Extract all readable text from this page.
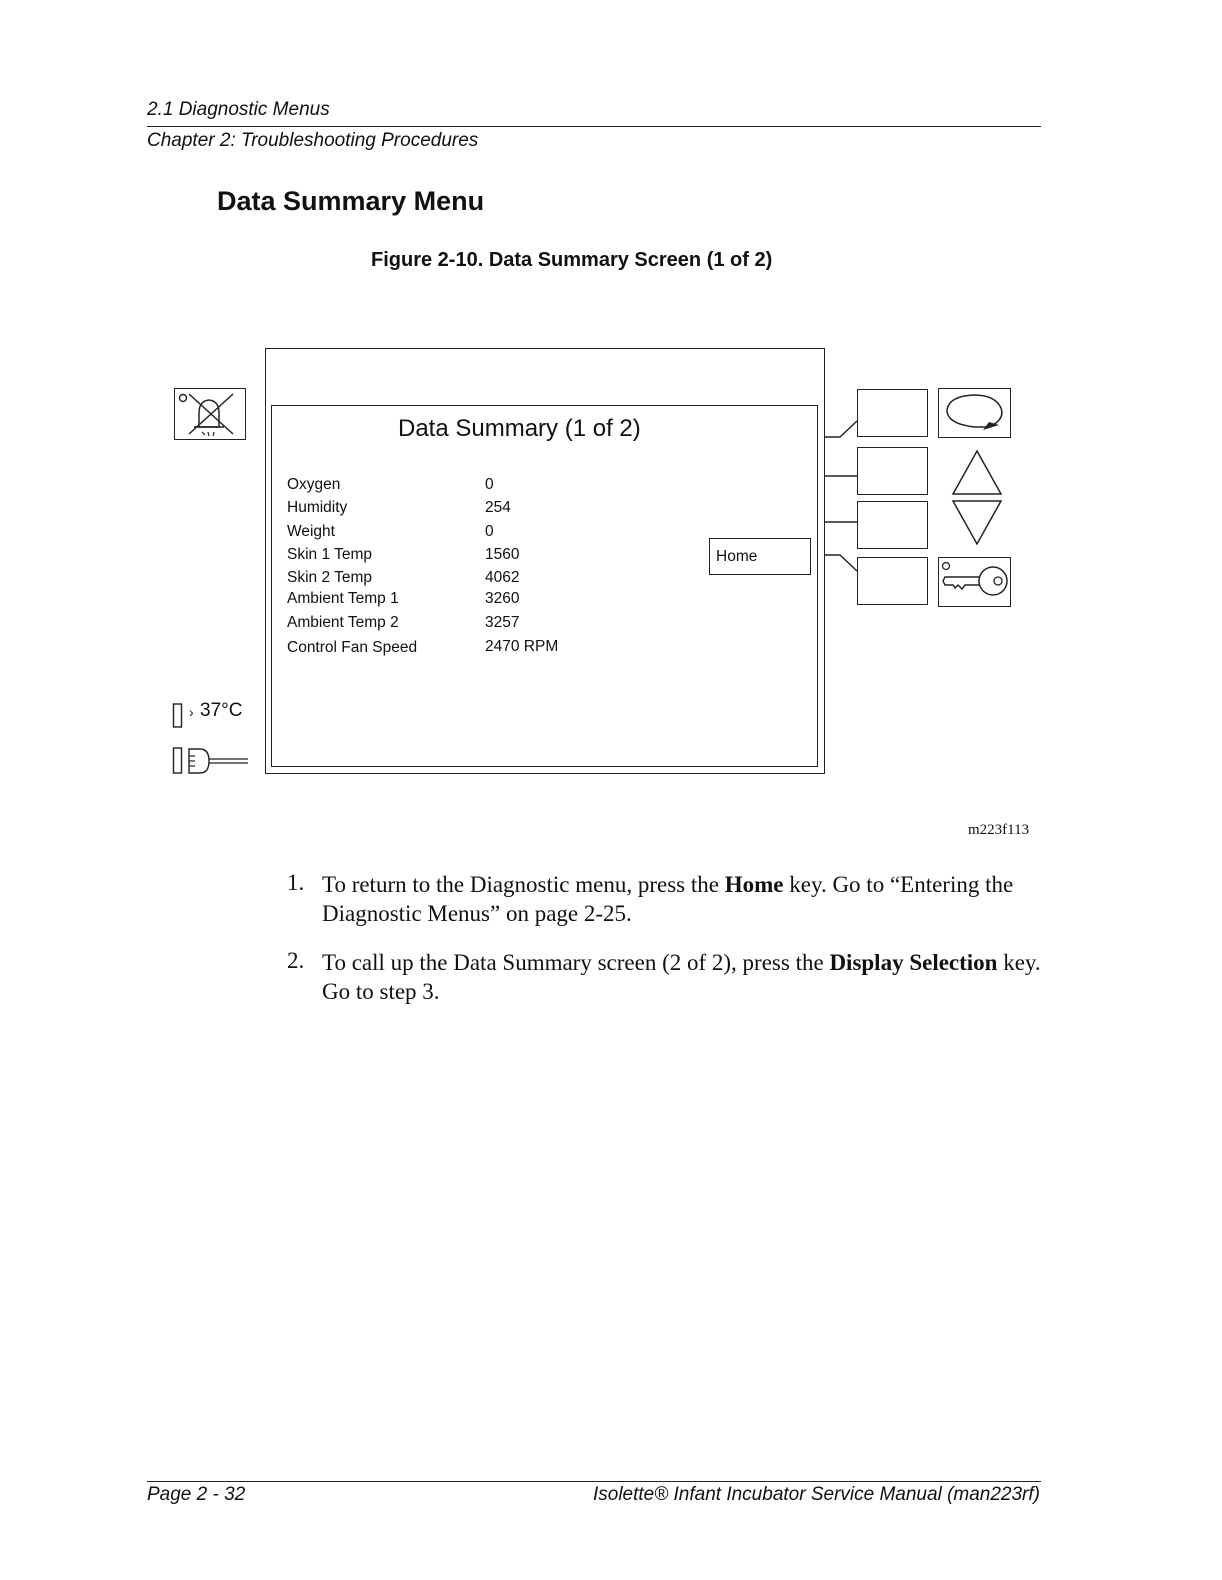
2.1 Diagnostic Menus
Chapter 2: Troubleshooting Procedures
Data Summary Menu
Figure 2-10. Data Summary Screen (1 of 2)
› 37°C
Data Summary (1 of 2)
Oxygen	0
Humidity	254
Weight	0
Skin 1 Temp	1560
Skin 2 Temp	4062
Ambient Temp 1	3260
Ambient Temp 2	3257
Control Fan Speed	2470 RPM
Home
m223f113
1. To return to the Diagnostic menu, press the Home key. Go to “Entering the Diagnostic Menus” on page 2-25.
2. To call up the Data Summary screen (2 of 2), press the Display Selection key. Go to step 3.
Page 2 - 32	Isolette® Infant Incubator Service Manual (man223rf)
